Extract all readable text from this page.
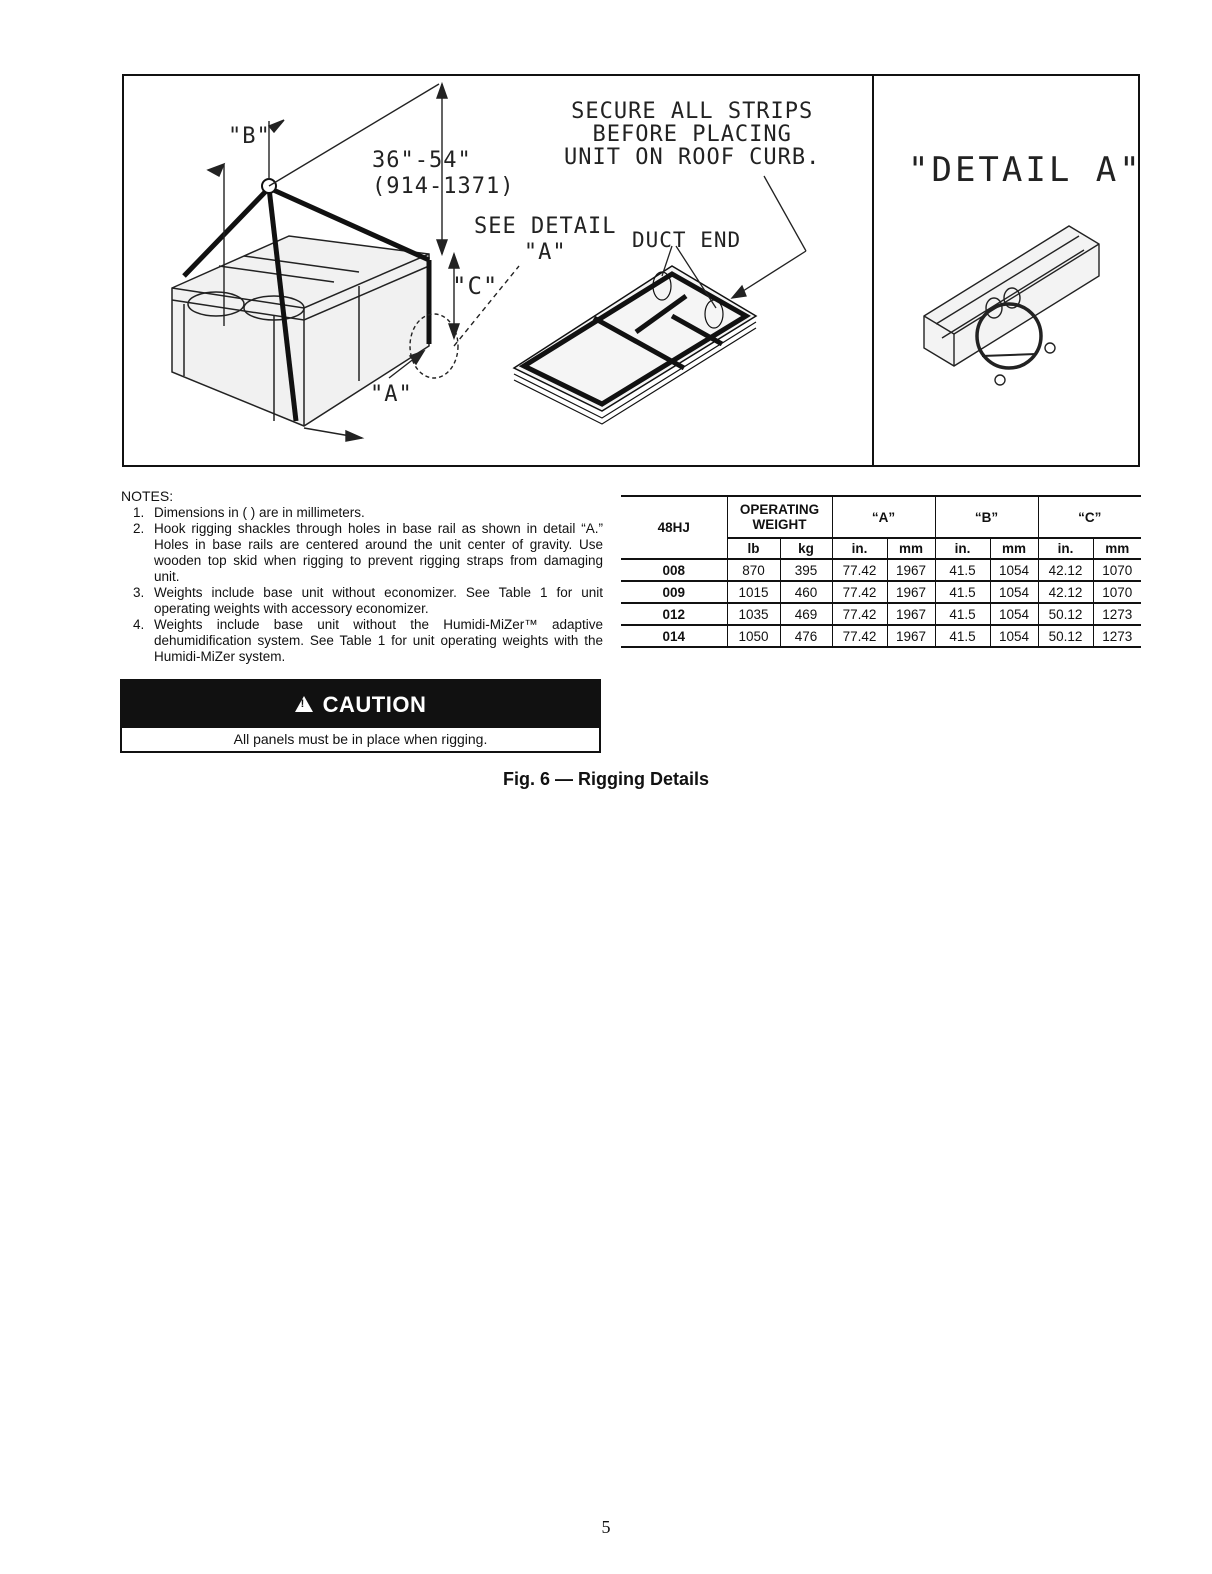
SECURE ALL STRIPS
BEFORE PLACING
UNIT ON ROOF CURB.
36"-54"
(914-1371)
SEE DETAIL
"A"	DUCT END
"B"
"C"
"A"
"DETAIL A"

NOTES:

1. Dimensions in ( ) are in millimeters.
2. Hook rigging shackles through holes in base rail as shown in detail “A.” Holes in base rails are centered around the unit center of gravity. Use wooden top skid when rigging to prevent rigging straps from damaging unit.
3. Weights include base unit without economizer. See Table 1 for unit operating weights with accessory economizer.
4. Weights include base unit without the Humidi-MiZer™ adaptive dehumidification system. See Table 1 for unit operating weights with the Humidi-MiZer system.
!
CAUTION
All panels must be in place when rigging.
48HJ	OPERATING
WEIGHT		“A”		“B”		“C”	
	lb	kg	in.	mm	in.	mm	in.	mm
008	870	395	77.42	1967	41.5	1054	42.12	1070
009	1015	460	77.42	1967	41.5	1054	42.12	1070
012	1035	469	77.42	1967	41.5	1054	50.12	1273
014	1050	476	77.42	1967	41.5	1054	50.12	1273
Fig. 6 — Rigging Details
5
